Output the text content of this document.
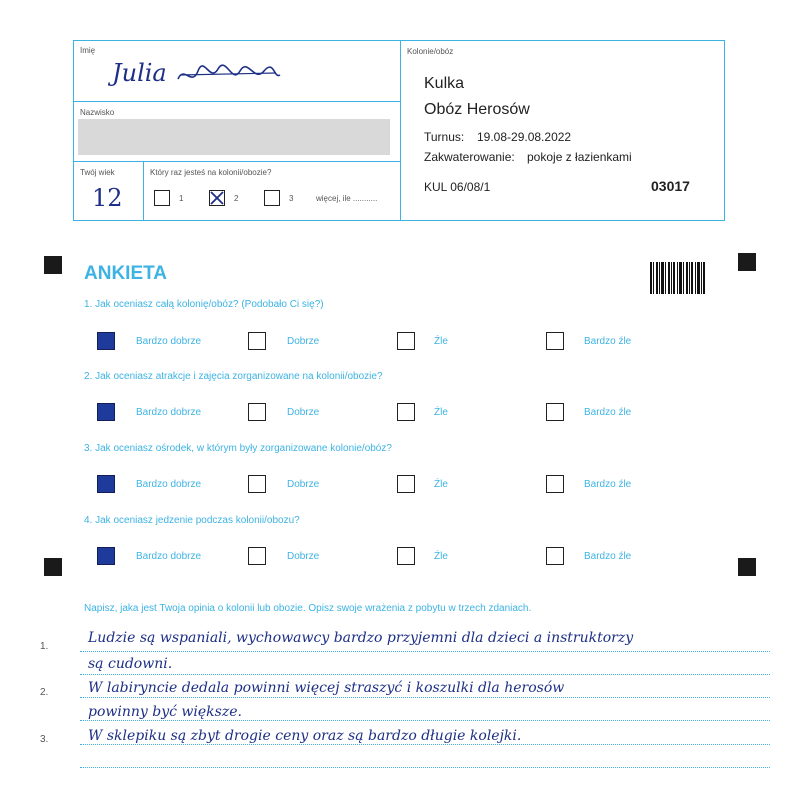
Imię
Julia
Nazwisko
Twój wiek
12
Który raz jesteś na kolonii/obozie?
1	2	3	więcej, ile ...........
Kolonie/obóz
Kulka
Obóz Herosów
Turnus: 19.08-29.08.2022
Zakwaterowanie: pokoje z łazienkami
KUL 06/08/1	03017
ANKIETA
1. Jak oceniasz całą kolonię/obóz? (Podobało Ci się?)
Bardzo dobrze	Dobrze	Źle	Bardzo źle
2. Jak oceniasz atrakcje i zajęcia zorganizowane na kolonii/obozie?
Bardzo dobrze	Dobrze	Źle	Bardzo źle
3. Jak oceniasz ośrodek, w którym były zorganizowane kolonie/obóz?
Bardzo dobrze	Dobrze	Źle	Bardzo źle
4. Jak oceniasz jedzenie podczas kolonii/obozu?
Bardzo dobrze	Dobrze	Źle	Bardzo źle
Napisz, jaka jest Twoja opinia o kolonii lub obozie. Opisz swoje wrażenia z pobytu w trzech zdaniach.
1.
2.
3.
Ludzie są wspaniali, wychowawcy bardzo przyjemni dla dzieci a instruktorzy
są cudowni.
W labiryncie dedala powinni więcej straszyć i koszulki dla herosów
powinny być większe.
W sklepiku są zbyt drogie ceny oraz są bardzo długie kolejki.
